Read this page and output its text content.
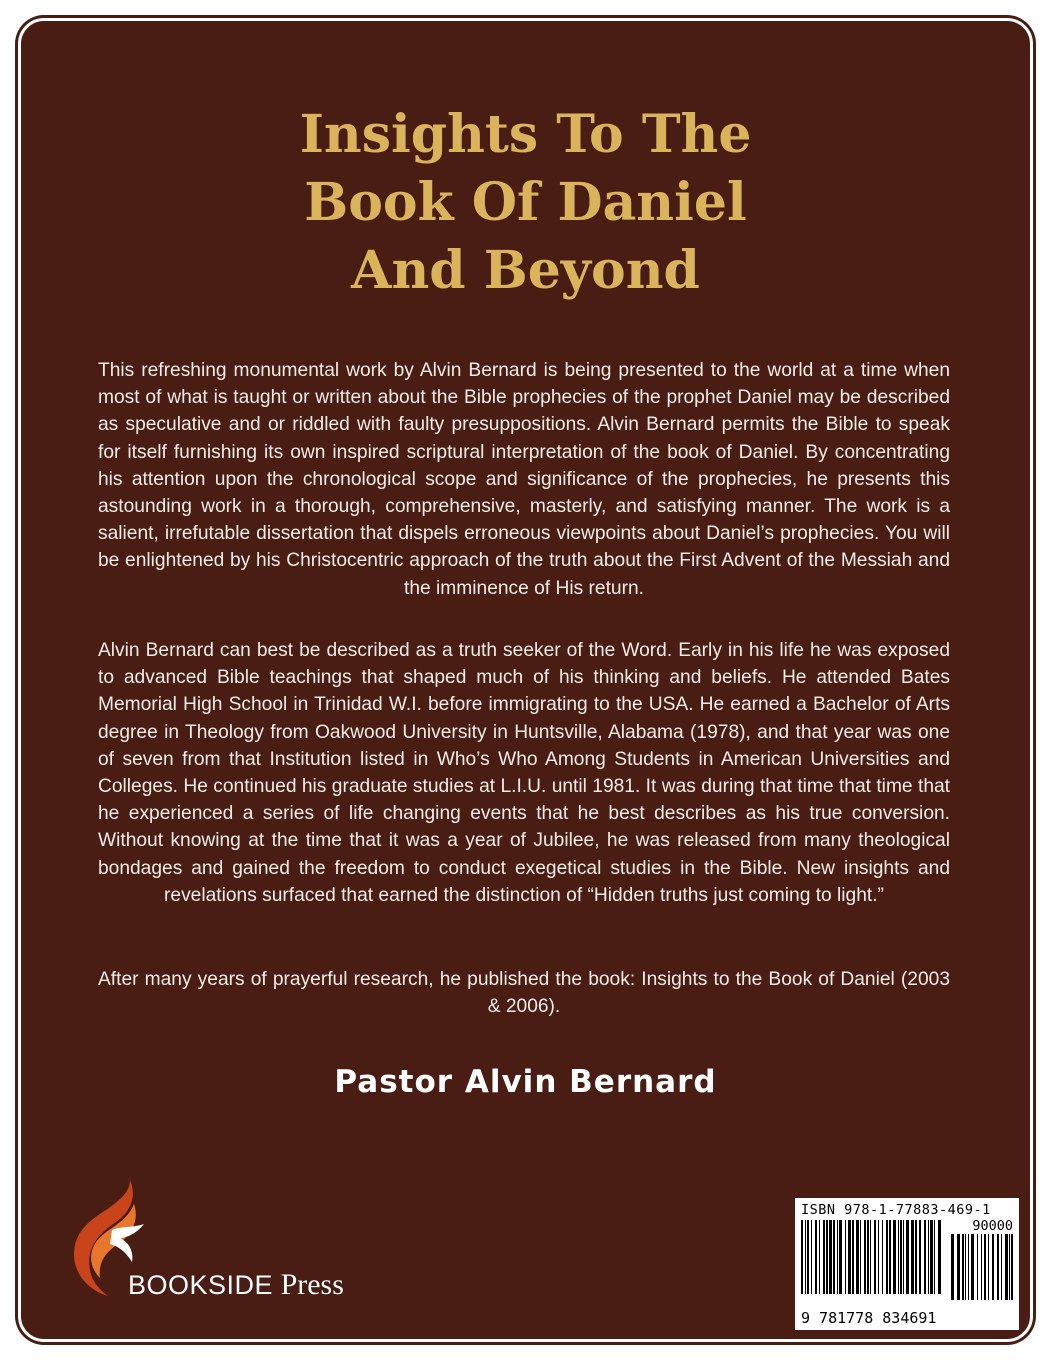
Insights To The
Book Of Daniel
And Beyond
This refreshing monumental work by Alvin Bernard is being presented to the world at a time when most of what is taught or written about the Bible prophecies of the prophet Daniel may be described as speculative and or riddled with faulty presuppositions. Alvin Bernard permits the Bible to speak for itself furnishing its own inspired scriptural interpretation of the book of Daniel. By concentrating his attention upon the chronological scope and significance of the prophecies, he presents this astounding work in a thorough, comprehensive, masterly, and satisfying manner. The work is a salient, irrefutable dissertation that dispels erroneous viewpoints about Daniel’s prophecies. You will be enlightened by his Christocentric approach of the truth about the First Advent of the Messiah and the imminence of His return.
Alvin Bernard can best be described as a truth seeker of the Word. Early in his life he was exposed to advanced Bible teachings that shaped much of his thinking and beliefs. He attended Bates Memorial High School in Trinidad W.I. before immigrating to the USA. He earned a Bachelor of Arts degree in Theology from Oakwood University in Huntsville, Alabama (1978), and that year was one of seven from that Institution listed in Who’s Who Among Students in American Universities and Colleges. He continued his graduate studies at L.I.U. until 1981. It was during that time that time that he experienced a series of life changing events that he best describes as his true conversion. Without knowing at the time that it was a year of Jubilee, he was released from many theological bondages and gained the freedom to conduct exegetical studies in the Bible. New insights and revelations surfaced that earned the distinction of “Hidden truths just coming to light.”
After many years of prayerful research, he published the book: Insights to the Book of Daniel (2003 & 2006).
Pastor Alvin Bernard
BOOKSIDE Press
ISBN 978-1-77883-469-1
90000
9 781778 834691
